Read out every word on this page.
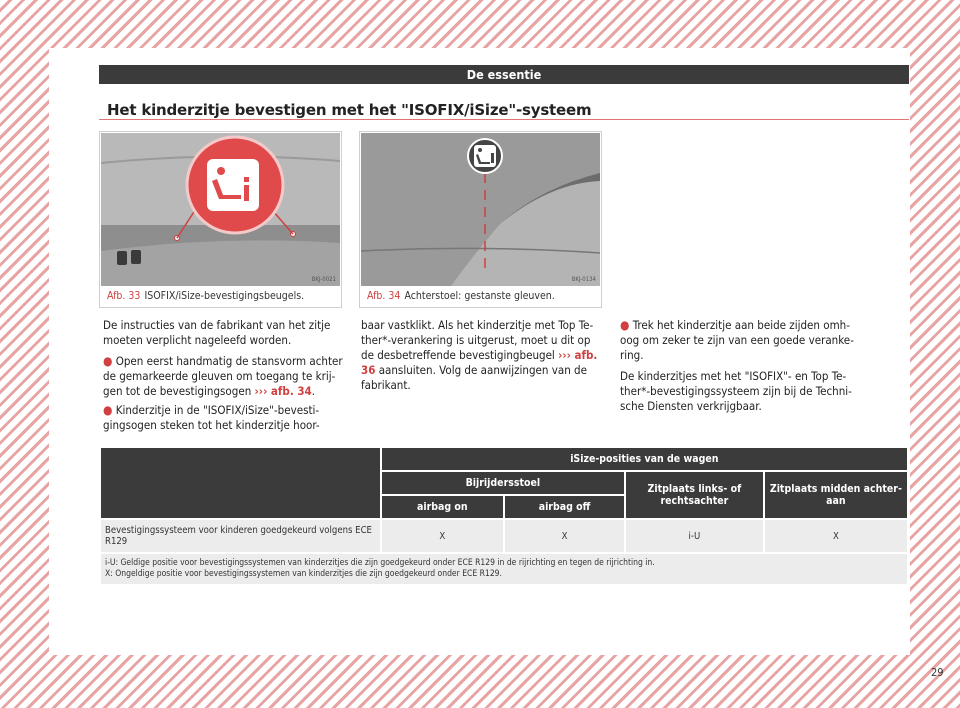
De essentie
Het kinderzitje bevestigen met het "ISOFIX/iSize"-systeem
BKJ-0021
Afb. 33 ISOFIX/iSize-bevestigingsbeugels.
BKJ-0134
Afb. 34 Achterstoel: gestanste gleuven.

De instructies van de fabrikant van het zitje moeten verplicht nageleefd worden.

● Open eerst handmatig de stansvorm achter de gemarkeerde gleuven om toegang te krijgen tot de bevestigingsogen ››› afb. 34.

● Kinderzitje in de "ISOFIX/iSize"-bevestigingsogen steken tot het kinderzitje hoor-

baar vastklikt. Als het kinderzitje met Top Tether*-verankering is uitgerust, moet u dit op de desbetreffende bevestigingbeugel ››› afb. 36 aansluiten. Volg de aanwijzingen van de fabrikant.

● Trek het kinderzitje aan beide zijden omhoog om zeker te zijn van een goede verankering.

De kinderzitjes met het "ISOFIX"- en Top Tether*-bevestigingssysteem zijn bij de Technische Diensten verkrijgbaar.

	iSize-posities van de wagen			
	Bijrijdersstoel		Zitplaats links- of rechtsachter	Zitplaats midden achteraan
	airbag on	airbag off		
Bevestigingssysteem voor kinderen goedgekeurd volgens ECE R129	X	X	i-U	X

i-U: Geldige positie voor bevestigingssystemen van kinderzitjes die zijn goedgekeurd onder ECE R129 in de rijrichting en tegen de rijrichting in.
X: Ongeldige positie voor bevestigingssystemen van kinderzitjes die zijn goedgekeurd onder ECE R129.				
29
